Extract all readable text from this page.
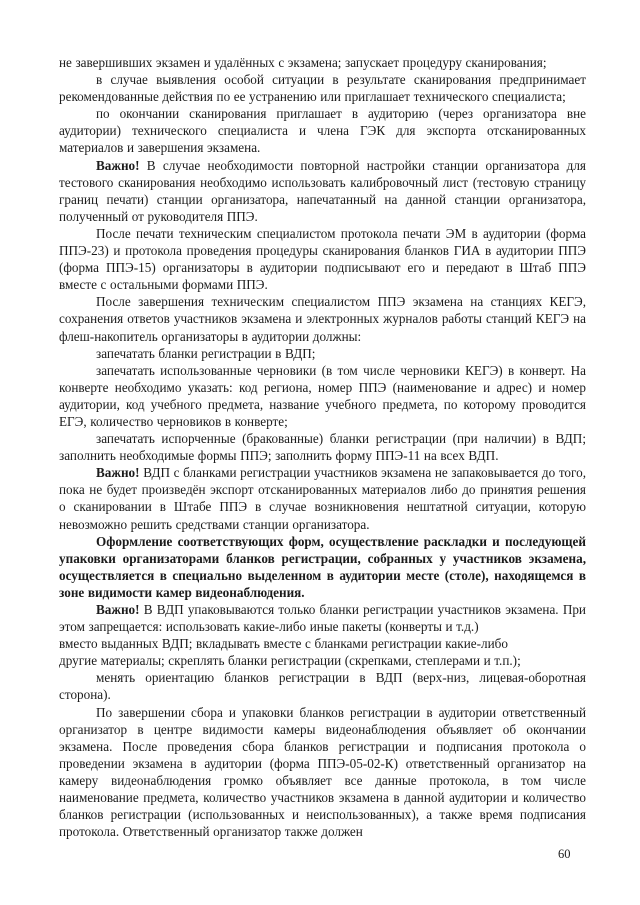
не завершивших экзамен и удалённых с экзамена; запускает процедуру сканирования;

в случае выявления особой ситуации в результате сканирования предпринимает рекомендованные действия по ее устранению или приглашает технического специалиста;

по окончании сканирования приглашает в аудиторию (через организатора вне аудитории) технического специалиста и члена ГЭК для экспорта отсканированных материалов и завершения экзамена.

Важно! В случае необходимости повторной настройки станции организатора для тестового сканирования необходимо использовать калибровочный лист (тестовую страницу границ печати) станции организатора, напечатанный на данной станции организатора, полученный от руководителя ППЭ.

После печати техническим специалистом протокола печати ЭМ в аудитории (форма ППЭ-23) и протокола проведения процедуры сканирования бланков ГИА в аудитории ППЭ (форма ППЭ-15) организаторы в аудитории подписывают его и передают в Штаб ППЭ вместе с остальными формами ППЭ.

После завершения техническим специалистом ППЭ экзамена на станциях КЕГЭ, сохранения ответов участников экзамена и электронных журналов работы станций КЕГЭ на флеш-накопитель организаторы в аудитории должны:

запечатать бланки регистрации в ВДП;

запечатать использованные черновики (в том числе черновики КЕГЭ) в конверт. На конверте необходимо указать: код региона, номер ППЭ (наименование и адрес) и номер аудитории, код учебного предмета, название учебного предмета, по которому проводится ЕГЭ, количество черновиков в конверте;

запечатать испорченные (бракованные) бланки регистрации (при наличии) в ВДП; заполнить необходимые формы ППЭ; заполнить форму ППЭ-11 на всех ВДП.

Важно! ВДП с бланками регистрации участников экзамена не запаковывается до того, пока не будет произведён экспорт отсканированных материалов либо до принятия решения о сканировании в Штабе ППЭ в случае возникновения нештатной ситуации, которую невозможно решить средствами станции организатора.

Оформление соответствующих форм, осуществление раскладки и последующей упаковки организаторами бланков регистрации, собранных у участников экзамена, осуществляется в специально выделенном в аудитории месте (столе), находящемся в зоне видимости камер видеонаблюдения.

Важно! В ВДП упаковываются только бланки регистрации участников экзамена. При этом запрещается: использовать какие-либо иные пакеты (конверты и т.д.)
вместо выданных ВДП; вкладывать вместе с бланками регистрации какие-либо
другие материалы; скреплять бланки регистрации (скрепками, степлерами и т.п.);

менять ориентацию бланков регистрации в ВДП (верх-низ, лицевая-оборотная сторона).

По завершении сбора и упаковки бланков регистрации в аудитории ответственный организатор в центре видимости камеры видеонаблюдения объявляет об окончании экзамена. После проведения сбора бланков регистрации и подписания протокола о проведении экзамена в аудитории (форма ППЭ-05-02-К) ответственный организатор на камеру видеонаблюдения громко объявляет все данные протокола, в том числе наименование предмета, количество участников экзамена в данной аудитории и количество бланков регистрации (использованных и неиспользованных), а также время подписания протокола. Ответственный организатор также должен

60
